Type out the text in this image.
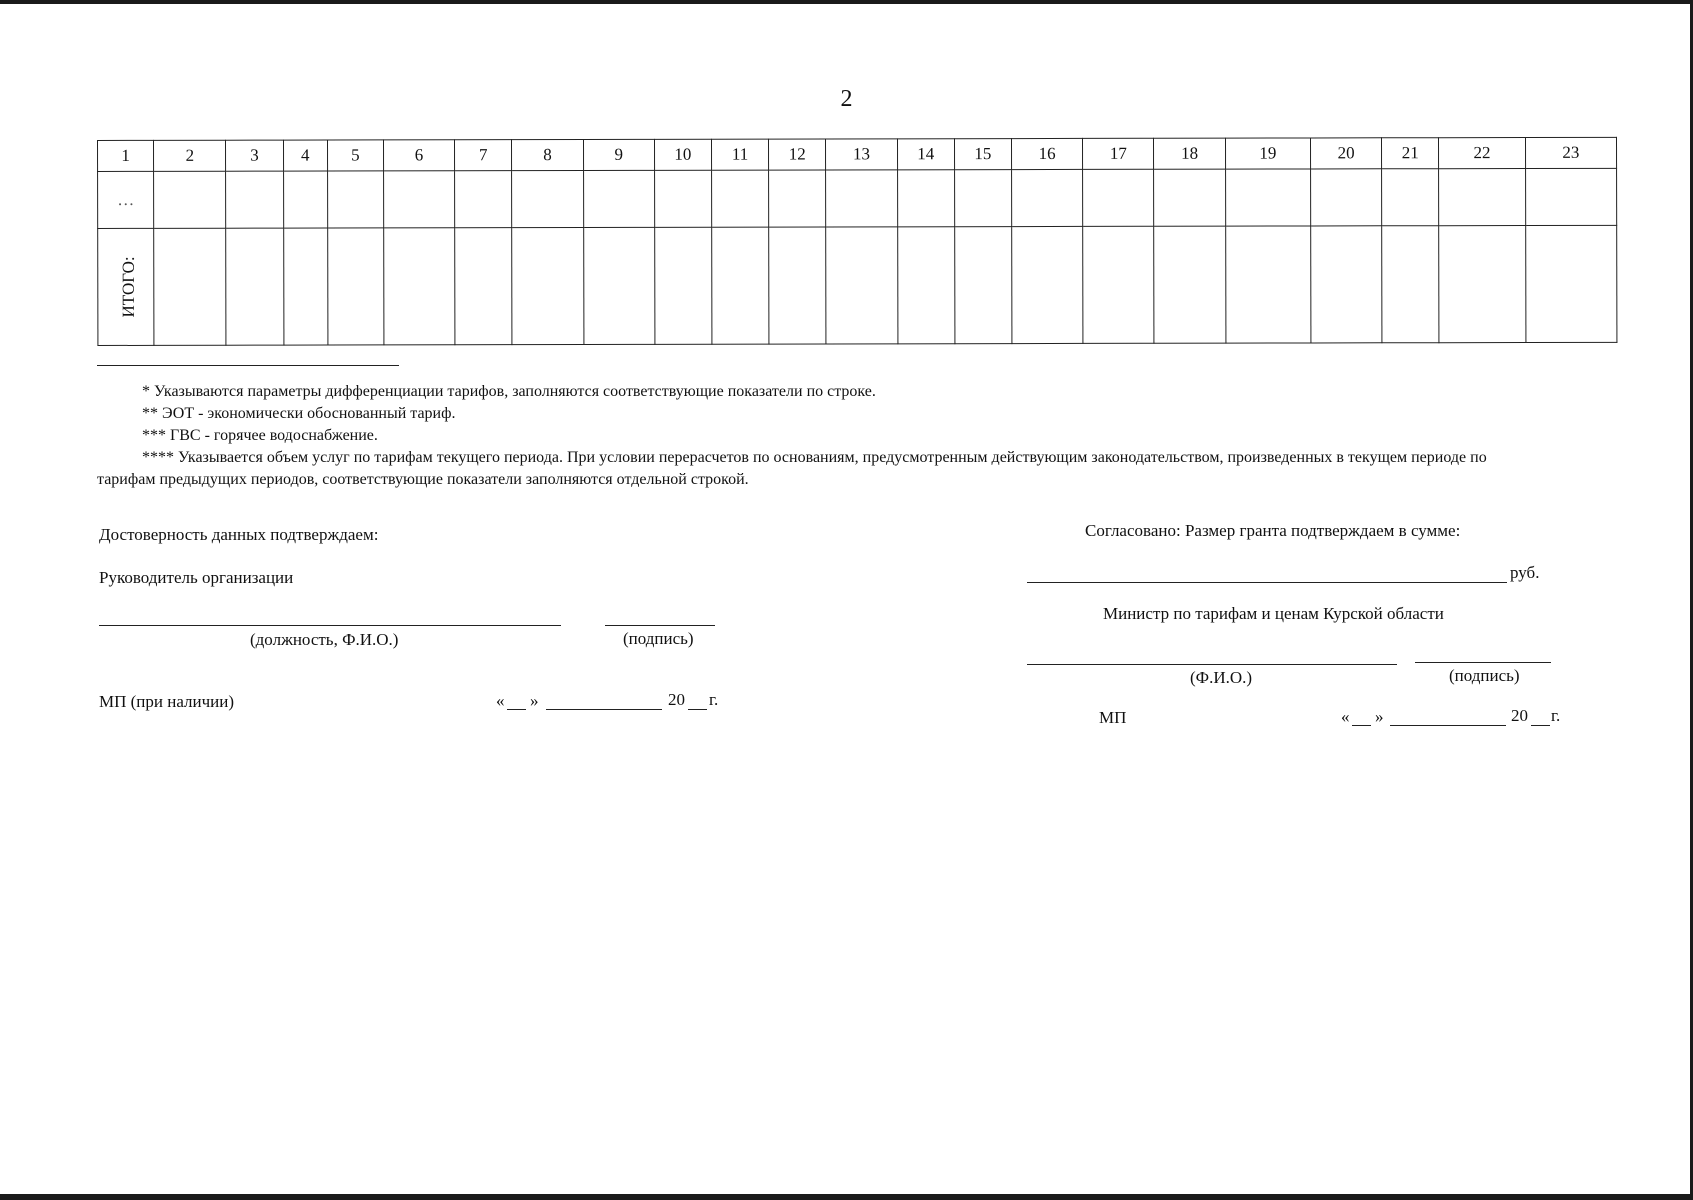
2
1	2	3	4	5	6	7	8	9	10	11	12	13	14	15	16	17	18	19	20	21	22	23
…																						
ИТОГО:																						

* Указываются параметры дифференциации тарифов, заполняются соответствующие показатели по строке.

** ЭОТ - экономически обоснованный тариф.

*** ГВС - горячее водоснабжение.

**** Указывается объем услуг по тарифам текущего периода. При условии перерасчетов по основаниям, предусмотренным действующим законодательством, произведенных в текущем периоде по тарифам предыдущих периодов, соответствующие показатели заполняются отдельной строкой.

Достоверность данных подтверждаем:
Руководитель организации
(должность, Ф.И.О.)	(подпись)
МП (при наличии)	« »	20 г.
Согласовано: Размер гранта подтверждаем в сумме:
руб.
Министр по тарифам и ценам Курской области
(Ф.И.О.)	(подпись)
МП	« »	20 г.
